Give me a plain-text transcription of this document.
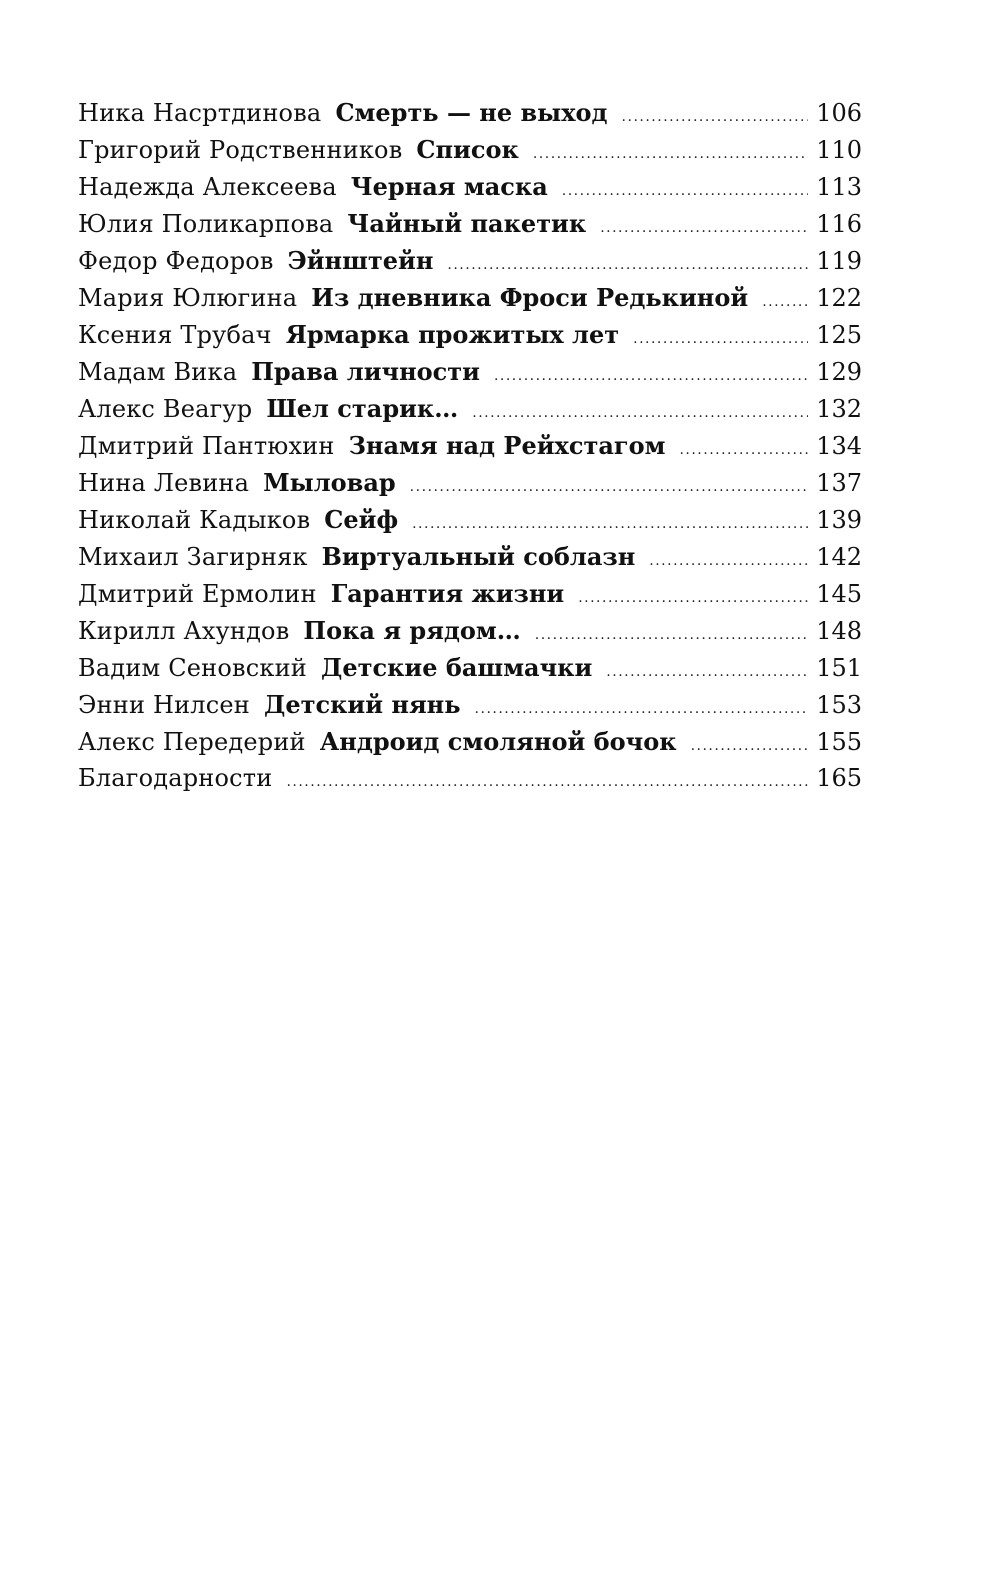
Ника Насртдинова Смерть — не выход .....	106
Григорий Родственников Список .....	110
Надежда Алексеева Черная маска .....	113
Юлия Поликарпова Чайный пакетик .....	116
Федор Федоров Эйнштейн .....	119
Мария Юлюгина Из дневника Фроси Редькиной .....	122
Ксения Трубач Ярмарка прожитых лет .....	125
Мадам Вика Права личности .....	129
Алекс Веагур Шел старик… .....	132
Дмитрий Пантюхин Знамя над Рейхстагом .....	134
Нина Левина Мыловар .....	137
Николай Кадыков Сейф .....	139
Михаил Загирняк Виртуальный соблазн .....	142
Дмитрий Ермолин Гарантия жизни .....	145
Кирилл Ахундов Пока я рядом… .....	148
Вадим Сеновский Детские башмачки .....	151
Энни Нилсен Детский нянь .....	153
Алекс Передерий Андроид смоляной бочок .....	155
Благодарности .....	165
